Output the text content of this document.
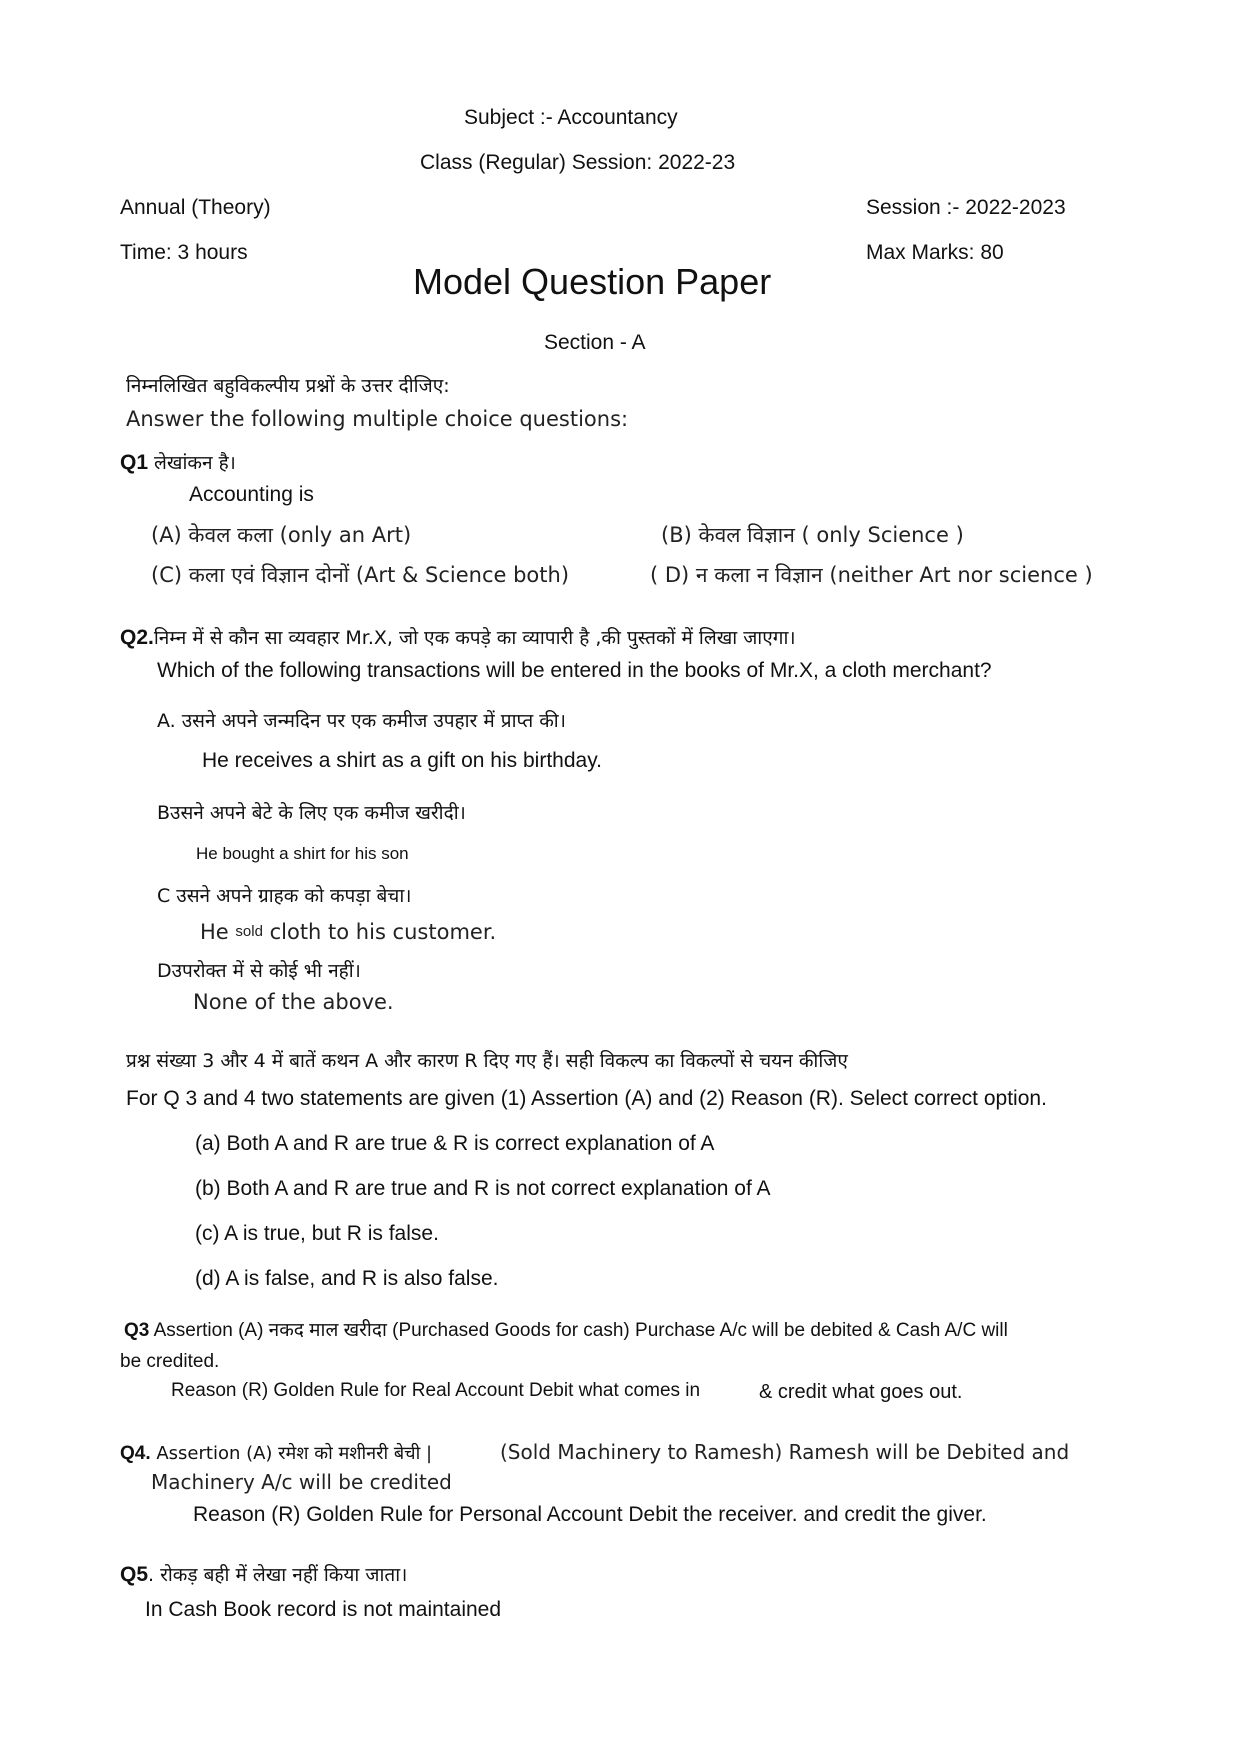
Subject :- Accountancy
Class (Regular) Session: 2022-23
Annual (Theory)	Session :- 2022-2023
Time: 3 hours	Max Marks: 80
Model Question Paper
Section - A
निम्नलिखित बहुविकल्पीय प्रश्नों के उत्तर दीजिए:
Answer the following multiple choice questions:
Q1 लेखांकन है।
Accounting is
(A) केवल कला (only an Art)	(B) केवल विज्ञान ( only Science )
(C) कला एवं विज्ञान दोनों (Art & Science both)	( D) न कला न विज्ञान (neither Art nor science )
Q2.निम्न में से कौन सा व्यवहार Mr.X, जो एक कपड़े का व्यापारी है ,की पुस्तकों में लिखा जाएगा।
Which of the following transactions will be entered in the books of Mr.X, a cloth merchant?
A. उसने अपने जन्मदिन पर एक कमीज उपहार में प्राप्त की।
He receives a shirt as a gift on his birthday.
Bउसने अपने बेटे के लिए एक कमीज खरीदी।
He bought a shirt for his son
C उसने अपने ग्राहक को कपड़ा बेचा।
He sold cloth to his customer.
Dउपरोक्त में से कोई भी नहीं।
None of the above.
प्रश्न संख्या 3 और 4 में बातें कथन A और कारण R दिए गए हैं। सही विकल्प का विकल्पों से चयन कीजिए
For Q 3 and 4 two statements are given (1) Assertion (A) and (2) Reason (R). Select correct option.
(a) Both A and R are true & R is correct explanation of A
(b) Both A and R are true and R is not correct explanation of A
(c) A is true, but R is false.
(d) A is false, and R is also false.
Q3 Assertion (A) नकद माल खरीदा (Purchased Goods for cash) Purchase A/c will be debited & Cash A/C will
be credited.
Reason (R) Golden Rule for Real Account Debit what comes in	& credit what goes out.
Q4. Assertion (A) रमेश को मशीनरी बेची |	(Sold Machinery to Ramesh) Ramesh will be Debited and
Machinery A/c will be credited
Reason (R) Golden Rule for Personal Account Debit the receiver. and credit the giver.
Q5. रोकड़ बही में लेखा नहीं किया जाता।
In Cash Book record is not maintained
